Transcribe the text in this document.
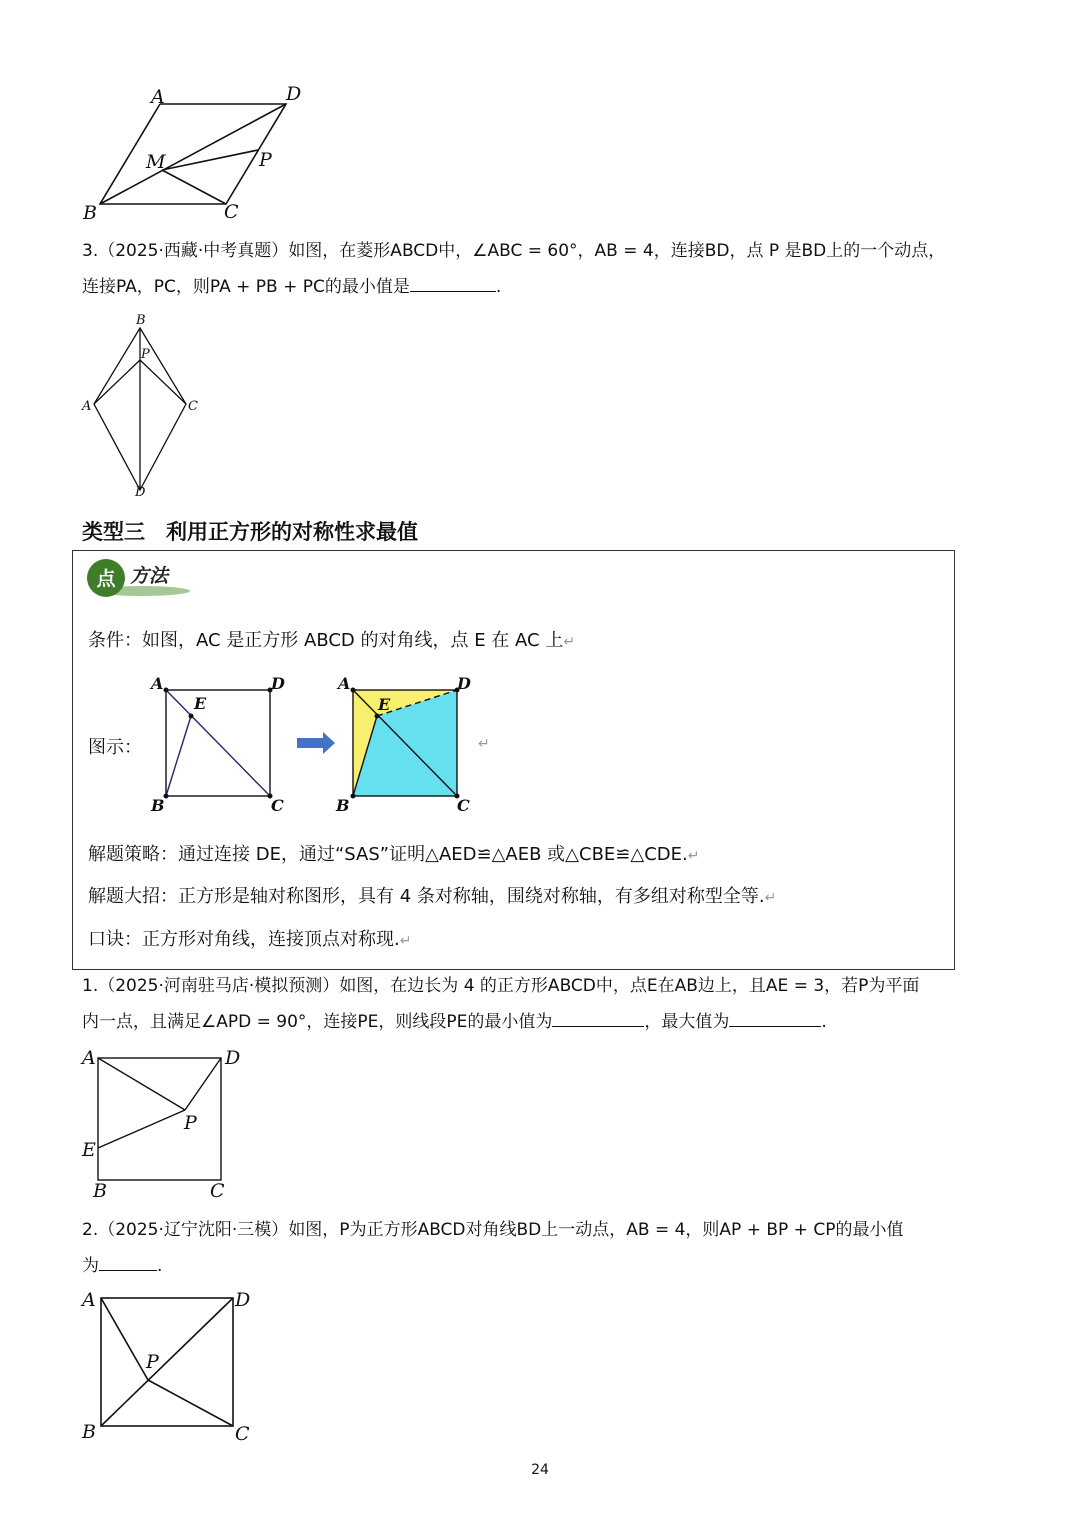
A	D
M	P
B	C
3.（2025·西藏·中考真题）如图，在菱形ABCD中，∠ABC = 60°，AB = 4，连接BD，点 P 是BD上的一个动点，
连接PA，PC，则PA + PB + PC的最小值是	.
B
P
A	C
D
类型三　利用正方形的对称性求最值
点 方法
条件：如图，AC 是正方形 ABCD 的对角线，点 E 在 AC 上↵
图示：
A	D
E
B	C
A	D
E
B	C
↵
解题策略：通过连接 DE，通过“SAS”证明△AED≌△AEB 或△CBE≌△CDE.↵
解题大招：正方形是轴对称图形，具有 4 条对称轴，围绕对称轴，有多组对称型全等.↵
口诀：正方形对角线，连接顶点对称现.↵
1.（2025·河南驻马店·模拟预测）如图，在边长为 4 的正方形ABCD中，点E在AB边上，且AE = 3，若P为平面
内一点，且满足∠APD = 90°，连接PE，则线段PE的最小值为	，最大值为	.
A	D
P
E
B	C
2.（2025·辽宁沈阳·三模）如图，P为正方形ABCD对角线BD上一动点，AB = 4，则AP + BP + CP的最小值
为	.
A	D
P
B	C
24
